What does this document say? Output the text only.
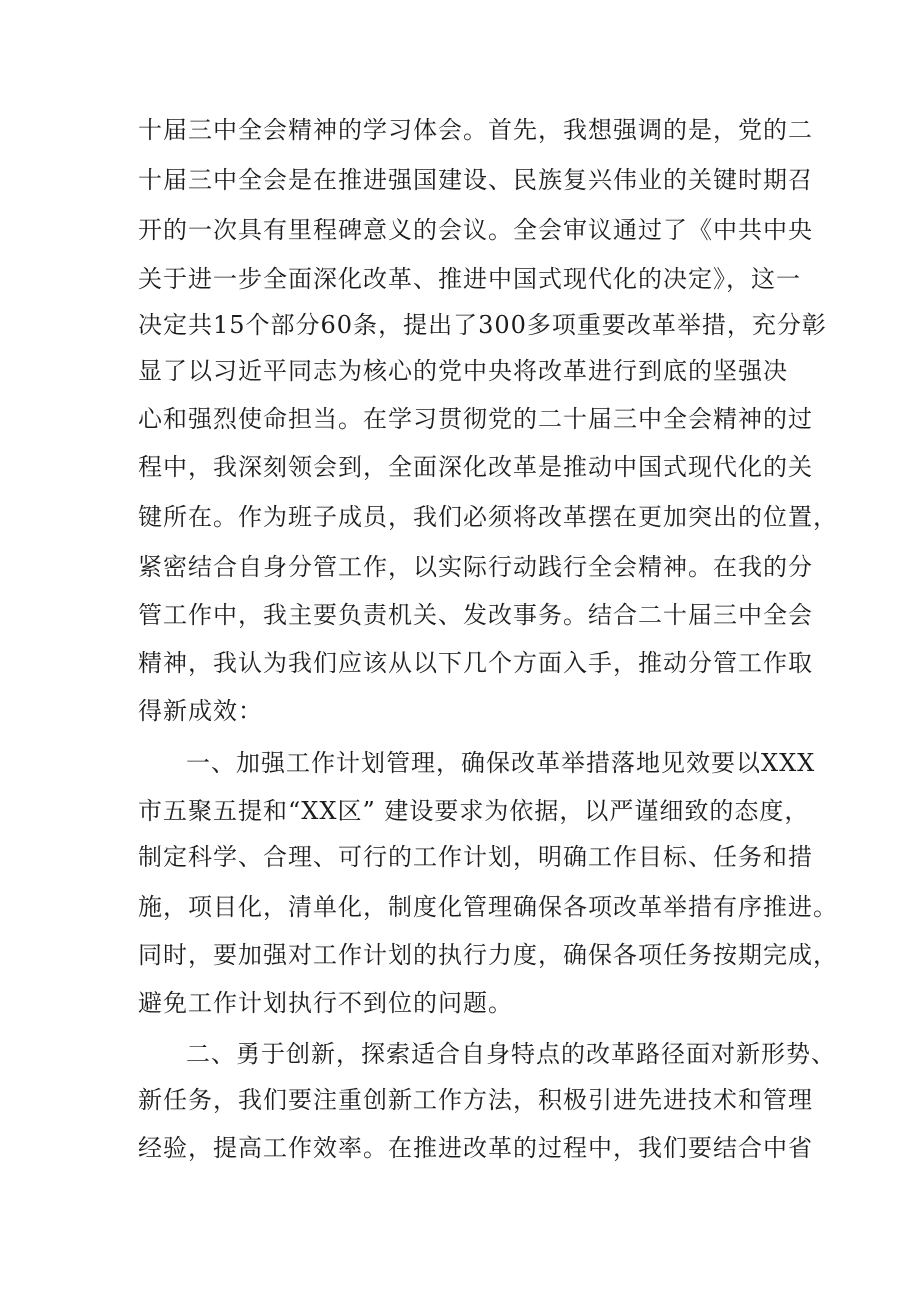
十届三中全会精神的学习体会。首先，我想强调的是，党的二
十届三中全会是在推进强国建设、民族复兴伟业的关键时期召
开的一次具有里程碑意义的会议。全会审议通过了《中共中央
关于进一步全面深化改革、推进中国式现代化的决定》，这一
决定共15个部分60条，提出了300多项重要改革举措，充分彰
显了以习近平同志为核心的党中央将改革进行到底的坚强决
心和强烈使命担当。在学习贯彻党的二十届三中全会精神的过
程中，我深刻领会到，全面深化改革是推动中国式现代化的关
键所在。作为班子成员，我们必须将改革摆在更加突出的位置，
紧密结合自身分管工作，以实际行动践行全会精神。在我的分
管工作中，我主要负责机关、发改事务。结合二十届三中全会
精神，我认为我们应该从以下几个方面入手，推动分管工作取
得新成效：
一、加强工作计划管理，确保改革举措落地见效要以XXX
市五聚五提和“XX区” 建设要求为依据，以严谨细致的态度，
制定科学、合理、可行的工作计划，明确工作目标、任务和措
施，项目化，清单化，制度化管理确保各项改革举措有序推进。
同时，要加强对工作计划的执行力度，确保各项任务按期完成，
避免工作计划执行不到位的问题。
二、勇于创新，探索适合自身特点的改革路径面对新形势、
新任务，我们要注重创新工作方法，积极引进先进技术和管理
经验，提高工作效率。在推进改革的过程中，我们要结合中省
